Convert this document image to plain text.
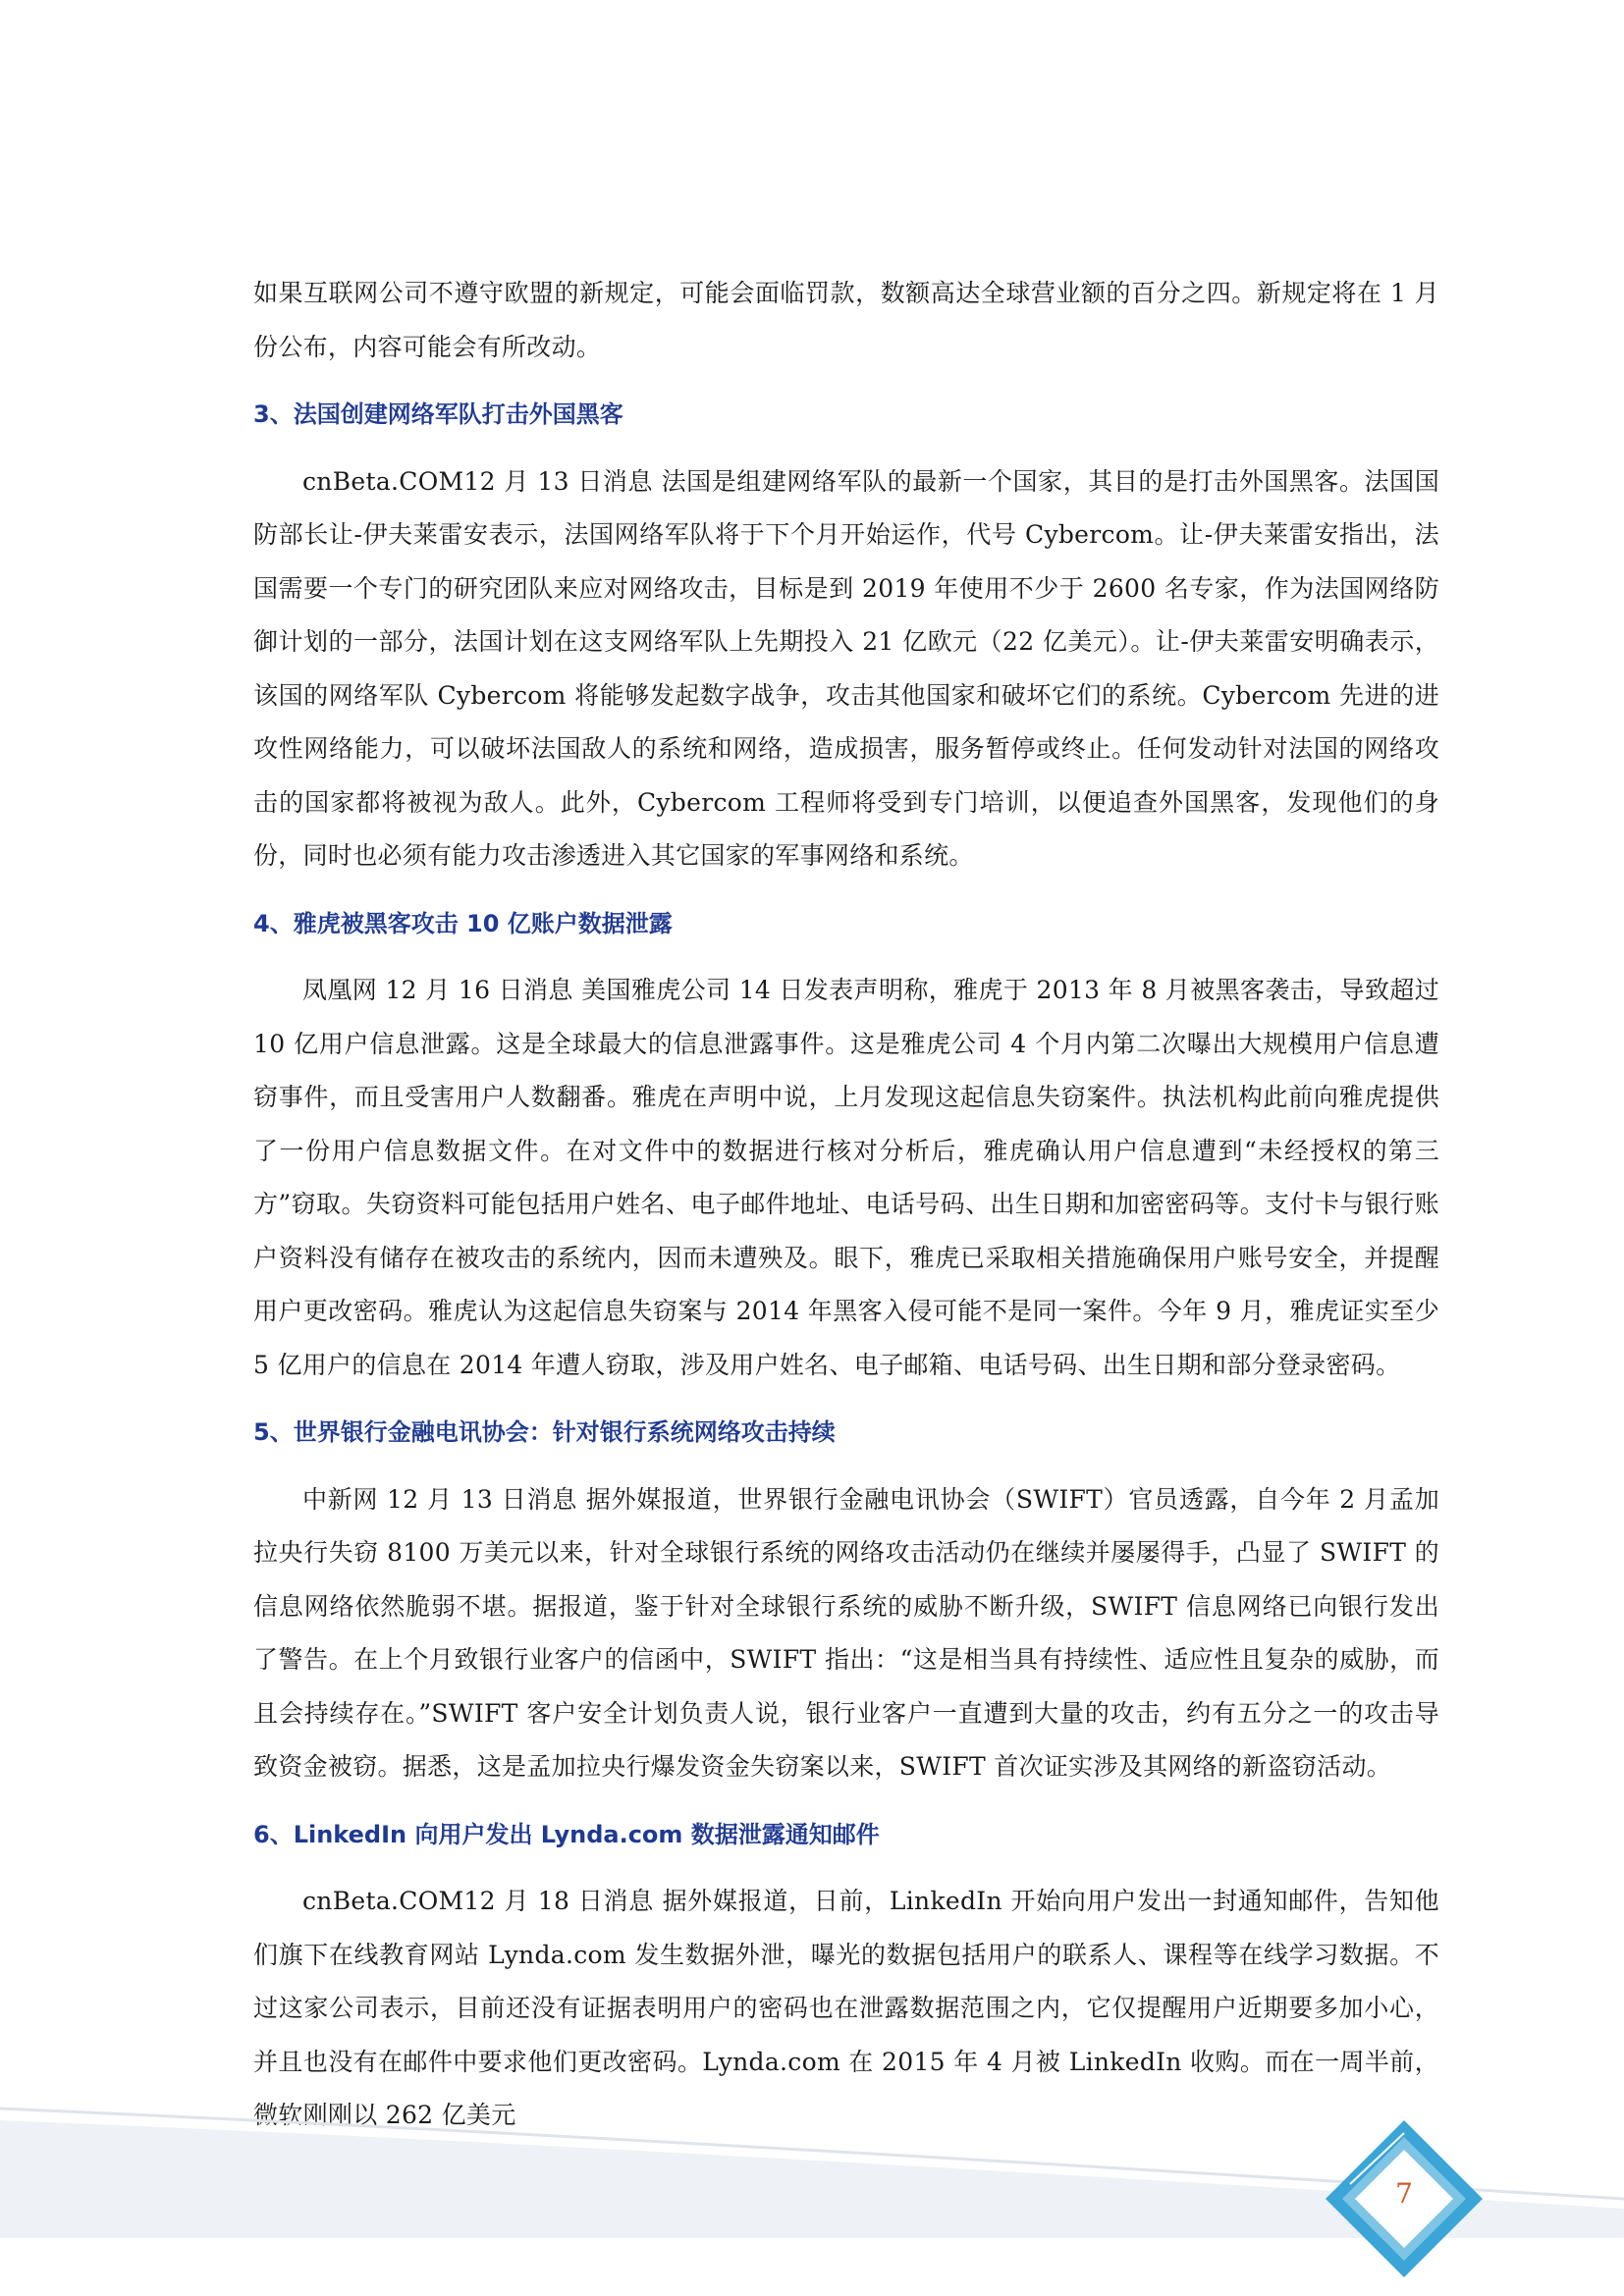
如果互联网公司不遵守欧盟的新规定，可能会面临罚款，数额高达全球营业额的百分之四。新规定将在 1 月份公布，内容可能会有所改动。

3、法国创建网络军队打击外国黑客

cnBeta.COM12 月 13 日消息 法国是组建网络军队的最新一个国家，其目的是打击外国黑客。法国国防部长让-伊夫莱雷安表示，法国网络军队将于下个月开始运作，代号 Cybercom。让-伊夫莱雷安指出，法国需要一个专门的研究团队来应对网络攻击，目标是到 2019 年使用不少于 2600 名专家，作为法国网络防御计划的一部分，法国计划在这支网络军队上先期投入 21 亿欧元（22 亿美元）。让-伊夫莱雷安明确表示，该国的网络军队 Cybercom 将能够发起数字战争，攻击其他国家和破坏它们的系统。Cybercom 先进的进攻性网络能力，可以破坏法国敌人的系统和网络，造成损害，服务暂停或终止。任何发动针对法国的网络攻击的国家都将被视为敌人。此外，Cybercom 工程师将受到专门培训，以便追查外国黑客，发现他们的身份，同时也必须有能力攻击渗透进入其它国家的军事网络和系统。

4、雅虎被黑客攻击 10 亿账户数据泄露

凤凰网 12 月 16 日消息 美国雅虎公司 14 日发表声明称，雅虎于 2013 年 8 月被黑客袭击，导致超过 10 亿用户信息泄露。这是全球最大的信息泄露事件。这是雅虎公司 4 个月内第二次曝出大规模用户信息遭窃事件，而且受害用户人数翻番。雅虎在声明中说，上月发现这起信息失窃案件。执法机构此前向雅虎提供了一份用户信息数据文件。在对文件中的数据进行核对分析后，雅虎确认用户信息遭到“未经授权的第三方”窃取。失窃资料可能包括用户姓名、电子邮件地址、电话号码、出生日期和加密密码等。支付卡与银行账户资料没有储存在被攻击的系统内，因而未遭殃及。眼下，雅虎已采取相关措施确保用户账号安全，并提醒用户更改密码。雅虎认为这起信息失窃案与 2014 年黑客入侵可能不是同一案件。今年 9 月，雅虎证实至少 5 亿用户的信息在 2014 年遭人窃取，涉及用户姓名、电子邮箱、电话号码、出生日期和部分登录密码。

5、世界银行金融电讯协会：针对银行系统网络攻击持续

中新网 12 月 13 日消息 据外媒报道，世界银行金融电讯协会（SWIFT）官员透露，自今年 2 月孟加拉央行失窃 8100 万美元以来，针对全球银行系统的网络攻击活动仍在继续并屡屡得手，凸显了 SWIFT 的信息网络依然脆弱不堪。据报道，鉴于针对全球银行系统的威胁不断升级，SWIFT 信息网络已向银行发出了警告。在上个月致银行业客户的信函中，SWIFT 指出：“这是相当具有持续性、适应性且复杂的威胁，而且会持续存在。”SWIFT 客户安全计划负责人说，银行业客户一直遭到大量的攻击，约有五分之一的攻击导致资金被窃。据悉，这是孟加拉央行爆发资金失窃案以来，SWIFT 首次证实涉及其网络的新盗窃活动。

6、LinkedIn 向用户发出 Lynda.com 数据泄露通知邮件

cnBeta.COM12 月 18 日消息 据外媒报道，日前，LinkedIn 开始向用户发出一封通知邮件，告知他们旗下在线教育网站 Lynda.com 发生数据外泄，曝光的数据包括用户的联系人、课程等在线学习数据。不过这家公司表示，目前还没有证据表明用户的密码也在泄露数据范围之内，它仅提醒用户近期要多加小心，并且也没有在邮件中要求他们更改密码。Lynda.com 在 2015 年 4 月被 LinkedIn 收购。而在一周半前，微软刚刚以 262 亿美元

7
